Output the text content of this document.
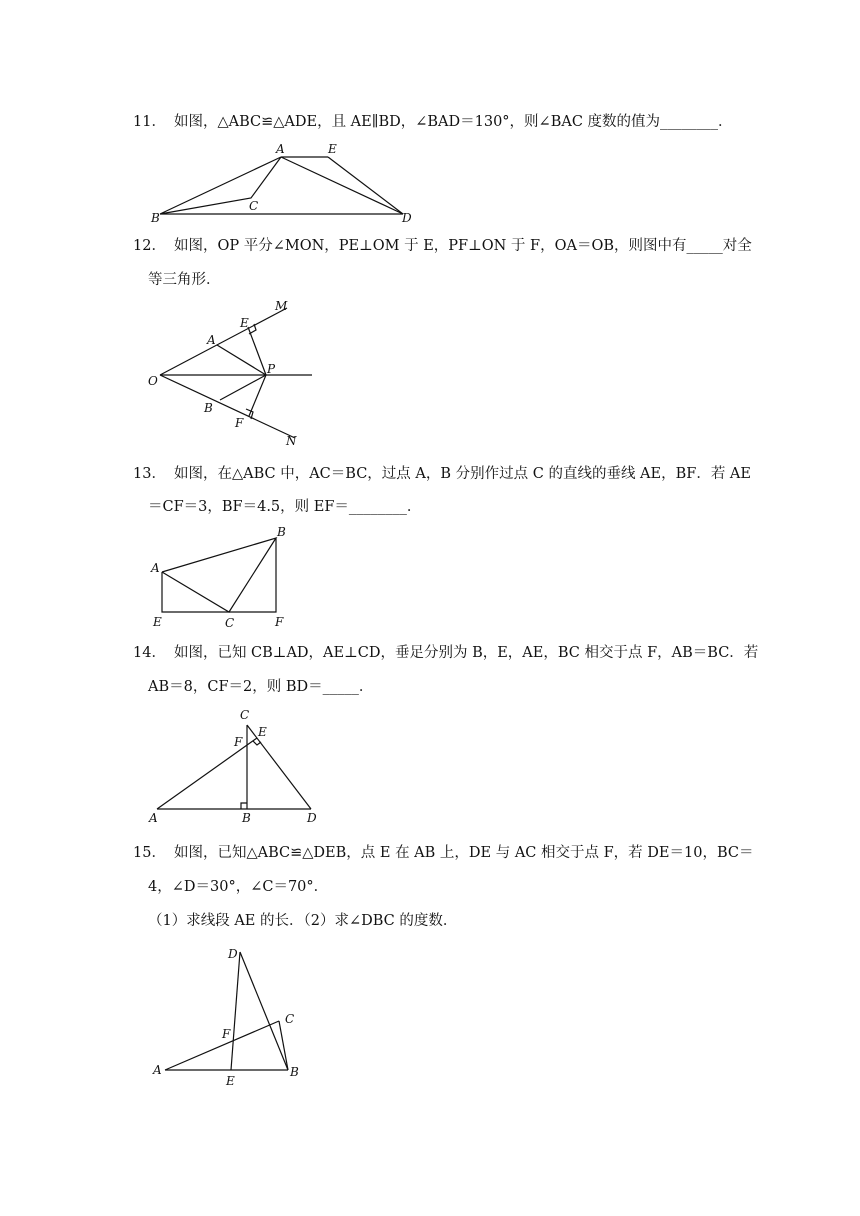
11． 如图，△ABC≌△ADE，且 AE∥BD，∠BAD＝130°，则∠BAC 度数的值为________．
A	E
B
C
D
12． 如图，OP 平分∠MON，PE⊥OM 于 E，PF⊥ON 于 F，OA＝OB，则图中有_____对全
等三角形．
M
E
A
O
P
B
F
N
13． 如图，在△ABC 中，AC＝BC，过点 A，B 分别作过点 C 的直线的垂线 AE，BF．若 AE
＝CF＝3，BF＝4.5，则 EF＝________．
B
A
E	C	F
14． 如图，已知 CB⊥AD，AE⊥CD，垂足分别为 B，E，AE，BC 相交于点 F，AB＝BC．若
AB＝8，CF＝2，则 BD＝_____．
C
F
E
A	B	D
15． 如图，已知△ABC≌△DEB，点 E 在 AB 上，DE 与 AC 相交于点 F，若 DE＝10，BC＝
4，∠D＝30°，∠C＝70°．
（1）求线段 AE 的长．（2）求∠DBC 的度数．
D
C
F
A
E
B
